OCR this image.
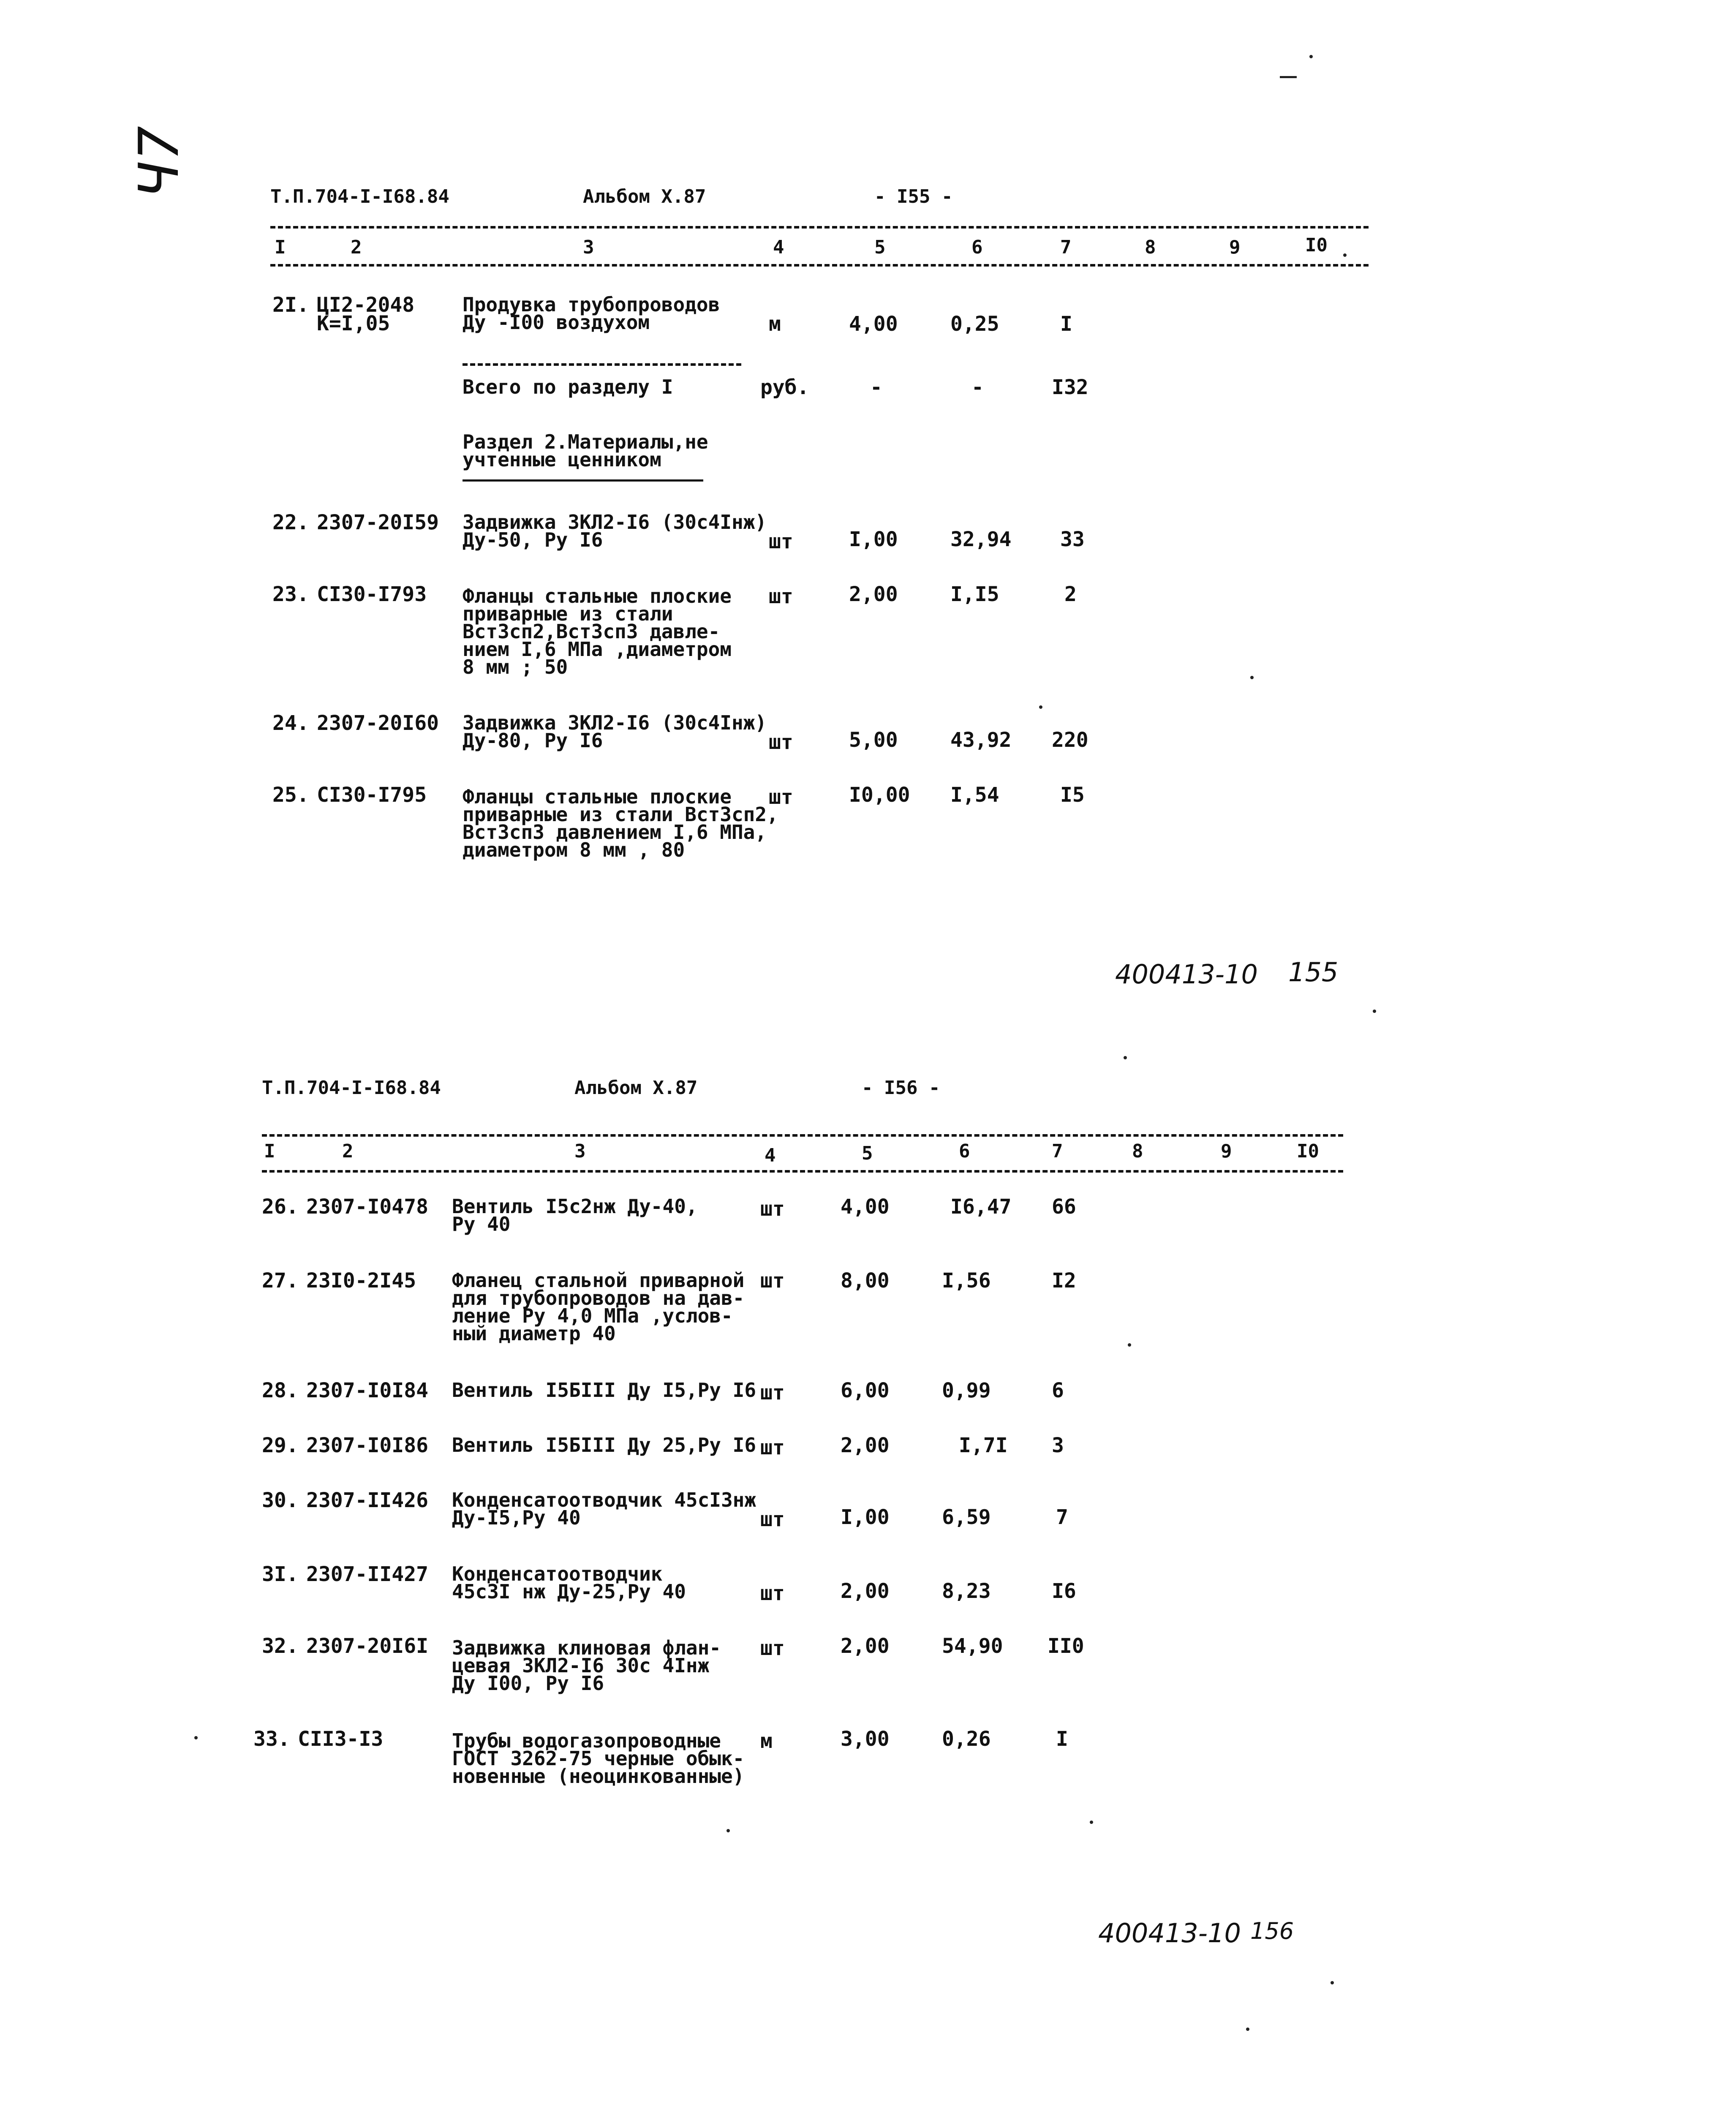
Ч7	Т.П.704-I-I68.84	Альбом X.87	- I55 -
I	2	3	4	5	6	7	8	9	I0
2I. ЦI2-2048
К=I,05
Продувка трубопроводов
Ду -I00 воздухом	м	4,00	0,25	I
Всего по разделу I	руб.	-	-	I32
Раздел 2.Материалы,не
учтенные ценником
22. 2307-20I59 Задвижка ЗКЛ2-I6 (30с4Iнж)
Ду-50, Ру I6	шт	I,00	32,94 33
23. CI30-I793 Фланцы стальные плоские
приварные из стали
Вст3сп2,Вст3сп3 давле-
нием I,6 МПа ,диаметром
8 мм ; 50
шт	2,00	I,I5	2
24. 2307-20I60 Задвижка ЗКЛ2-I6 (30с4Iнж)
Ду-80, Ру I6	шт	5,00	43,92 220
25. CI30-I795 Фланцы стальные плоские
приварные из стали Вст3сп2,
Вст3сп3 давлением I,6 МПа,
диаметром 8 мм , 80
шт	I0,00 I,54	I5
400413-10 155
Т.П.704-I-I68.84	Альбом X.87	- I56 -
I	2	3	4	5	6	7	8	9	I0
26. 2307-I0478 Вентиль I5с2нж Ду-40,
Ру 40
шт	4,00	I6,47 66
27. 23I0-2I45 Фланец стальной приварной
для трубопроводов на дав-
ление Ру 4,0 МПа ,услов-
ный диаметр 40
шт	8,00	I,56	I2
28. 2307-I0I84 Вентиль I5БIII Ду I5,Ру I6 шт	6,00	0,99	6
29. 2307-I0I86 Вентиль I5БIII Ду 25,Ру I6 шт	2,00	I,7I 3
30. 2307-II426 Конденсатоотводчик 45сI3нж
Ду-I5,Ру 40	шт	I,00	6,59	7
3I. 2307-II427 Конденсатоотводчик
45с3I нж Ду-25,Ру 40	шт	2,00	8,23	I6
32. 2307-20I6I Задвижка клиновая флан-
цевая ЗКЛ2-I6 30с 4Iнж
Ду I00, Ру I6
шт	2,00	54,90 II0
33. CII3-I3	Трубы водогазопроводные
ГОСТ 3262-75 черные обык-
новенные (неоцинкованные)
м	3,00	0,26	I
400413-10 156
